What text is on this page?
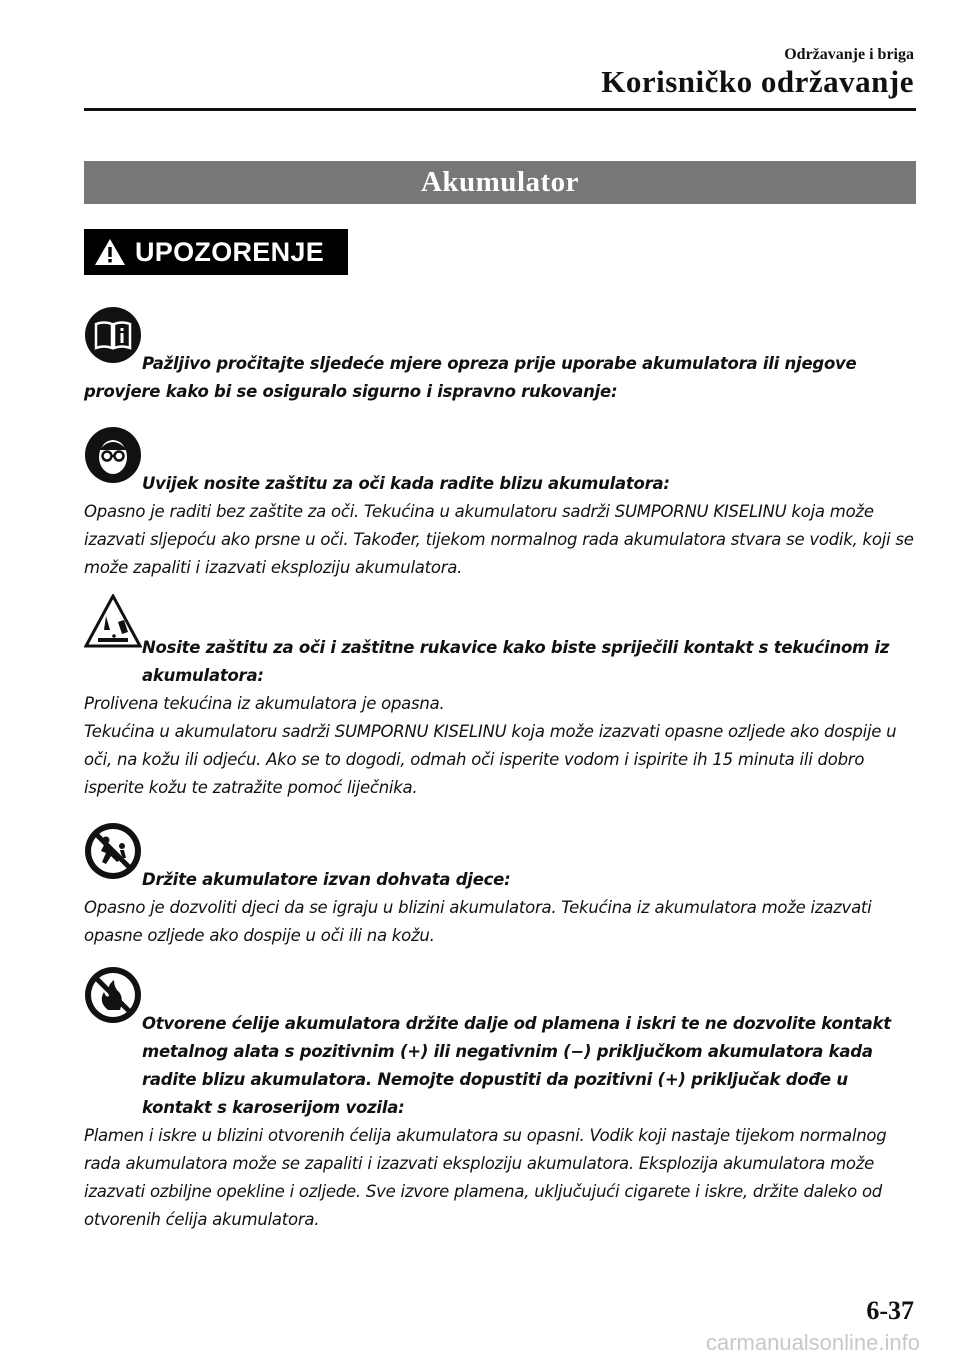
Održavanje i briga
Korisničko održavanje
Akumulator
UPOZORENJE
Pažljivo pročitajte sljedeće mjere opreza prije uporabe akumulatora ili njegove provjere kako bi se osiguralo sigurno i ispravno rukovanje:
Uvijek nosite zaštitu za oči kada radite blizu akumulatora:
Opasno je raditi bez zaštite za oči. Tekućina u akumulatoru sadrži SUMPORNU KISELINU koja može izazvati sljepoću ako prsne u oči. Također, tijekom normalnog rada akumulatora stvara se vodik, koji se može zapaliti i izazvati eksploziju akumulatora.
Nosite zaštitu za oči i zaštitne rukavice kako biste spriječili kontakt s tekućinom iz akumulatora:
Prolivena tekućina iz akumulatora je opasna.
Tekućina u akumulatoru sadrži SUMPORNU KISELINU koja može izazvati opasne ozljede ako dospije u oči, na kožu ili odjeću. Ako se to dogodi, odmah oči isperite vodom i ispirite ih 15 minuta ili dobro isperite kožu te zatražite pomoć liječnika.
Držite akumulatore izvan dohvata djece:
Opasno je dozvoliti djeci da se igraju u blizini akumulatora. Tekućina iz akumulatora može izazvati opasne ozljede ako dospije u oči ili na kožu.
Otvorene ćelije akumulatora držite dalje od plamena i iskri te ne dozvolite kontakt metalnog alata s pozitivnim (+) ili negativnim (−) priključkom akumulatora kada radite blizu akumulatora. Nemojte dopustiti da pozitivni (+) priključak dođe u kontakt s karoserijom vozila:
Plamen i iskre u blizini otvorenih ćelija akumulatora su opasni. Vodik koji nastaje tijekom normalnog rada akumulatora može se zapaliti i izazvati eksploziju akumulatora. Eksplozija akumulatora može izazvati ozbiljne opekline i ozljede. Sve izvore plamena, uključujući cigarete i iskre, držite daleko od otvorenih ćelija akumulatora.
6-37
carmanualsonline.info
